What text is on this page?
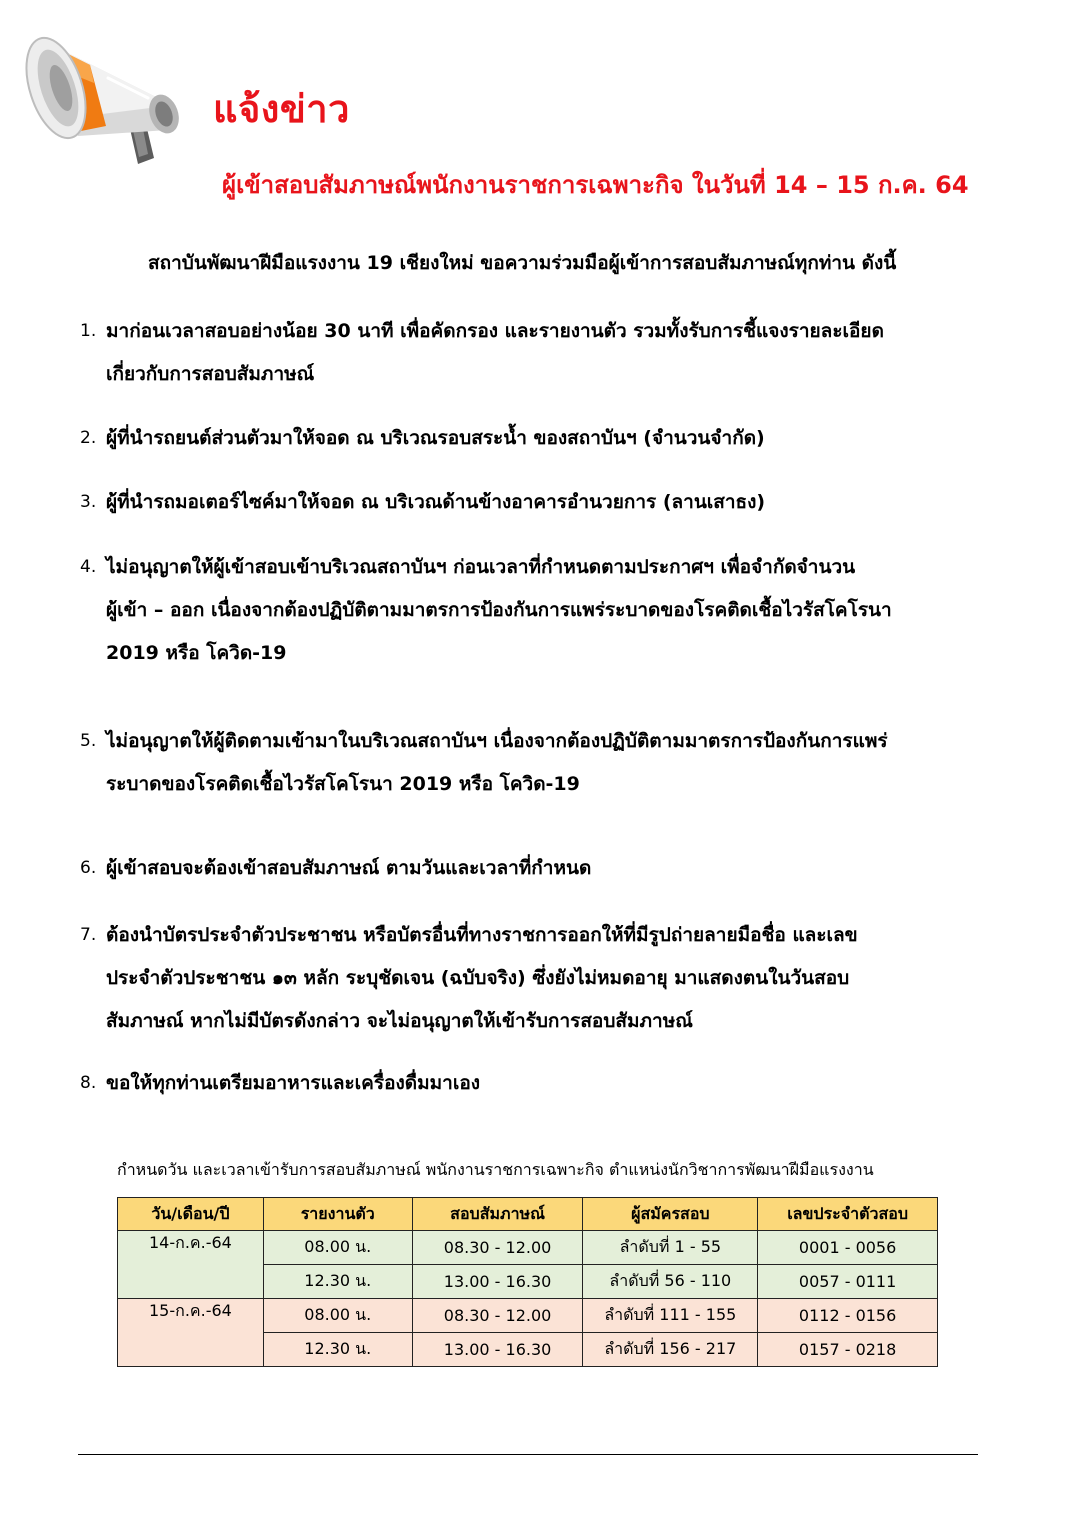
แจ้งข่าว
ผู้เข้าสอบสัมภาษณ์พนักงานราชการเฉพาะกิจ ในวันที่ 14 – 15 ก.ค. 64

สถาบันพัฒนาฝีมือแรงงาน 19 เชียงใหม่ ขอความร่วมมือผู้เข้าการสอบสัมภาษณ์ทุกท่าน ดังนี้

1. มาก่อนเวลาสอบอย่างน้อย 30 นาที เพื่อคัดกรอง และรายงานตัว รวมทั้งรับการชี้แจงรายละเอียด
เกี่ยวกับการสอบสัมภาษณ์
2. ผู้ที่นำรถยนต์ส่วนตัวมาให้จอด ณ บริเวณรอบสระน้ำ ของสถาบันฯ (จำนวนจำกัด)
3. ผู้ที่นำรถมอเตอร์ไซค์มาให้จอด ณ บริเวณด้านข้างอาคารอำนวยการ (ลานเสาธง)
4. ไม่อนุญาตให้ผู้เข้าสอบเข้าบริเวณสถาบันฯ ก่อนเวลาที่กำหนดตามประกาศฯ เพื่อจำกัดจำนวน
ผู้เข้า – ออก เนื่องจากต้องปฏิบัติตามมาตรการป้องกันการแพร่ระบาดของโรคติดเชื้อไวรัสโคโรนา
2019 หรือ โควิด-19
5. ไม่อนุญาตให้ผู้ติดตามเข้ามาในบริเวณสถาบันฯ เนื่องจากต้องปฏิบัติตามมาตรการป้องกันการแพร่
ระบาดของโรคติดเชื้อไวรัสโคโรนา 2019 หรือ โควิด-19
6. ผู้เข้าสอบจะต้องเข้าสอบสัมภาษณ์ ตามวันและเวลาที่กำหนด
7. ต้องนำบัตรประจำตัวประชาชน หรือบัตรอื่นที่ทางราชการออกให้ที่มีรูปถ่ายลายมือชื่อ และเลข
ประจำตัวประชาชน ๑๓ หลัก ระบุชัดเจน (ฉบับจริง) ซึ่งยังไม่หมดอายุ มาแสดงตนในวันสอบ
สัมภาษณ์ หากไม่มีบัตรดังกล่าว จะไม่อนุญาตให้เข้ารับการสอบสัมภาษณ์
8. ขอให้ทุกท่านเตรียมอาหารและเครื่องดื่มมาเอง

กำหนดวัน และเวลาเข้ารับการสอบสัมภาษณ์ พนักงานราชการเฉพาะกิจ ตำแหน่งนักวิชาการพัฒนาฝีมือแรงงาน

วัน/เดือน/ปี	รายงานตัว	สอบสัมภาษณ์	ผู้สมัครสอบ	เลขประจำตัวสอบ
14-ก.ค.-64	08.00 น.	08.30 - 12.00	ลำดับที่ 1 - 55	0001 - 0056
	12.30 น.	13.00 - 16.30	ลำดับที่ 56 - 110	0057 - 0111
15-ก.ค.-64	08.00 น.	08.30 - 12.00	ลำดับที่ 111 - 155	0112 - 0156
	12.30 น.	13.00 - 16.30	ลำดับที่ 156 - 217	0157 - 0218
